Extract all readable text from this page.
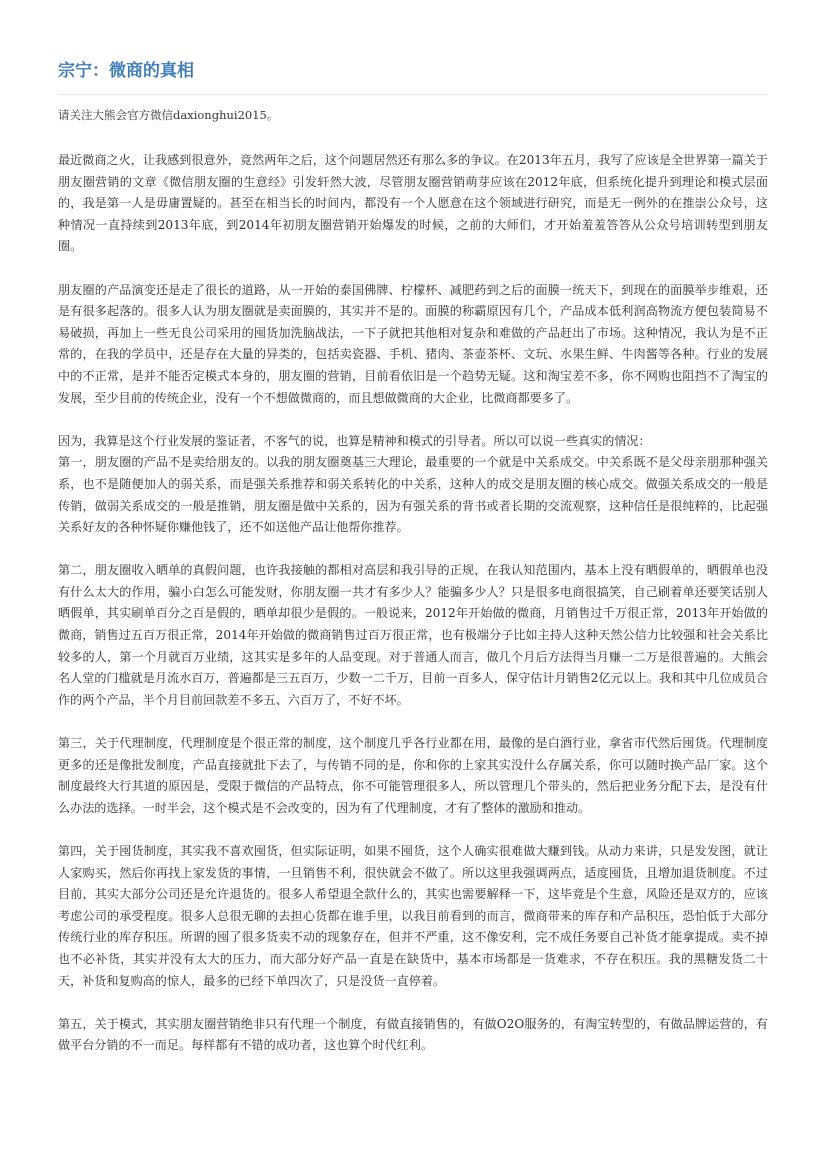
宗宁：微商的真相
请关注大熊会官方微信daxionghui2015。

最近微商之火，让我感到很意外，竟然两年之后，这个问题居然还有那么多的争议。在2013年五月，我写了应该是全世界第一篇关于朋友圈营销的文章《微信朋友圈的生意经》引发轩然大波，尽管朋友圈营销萌芽应该在2012年底，但系统化提升到理论和模式层面的，我是第一人是毋庸置疑的。甚至在相当长的时间内，都没有一个人愿意在这个领域进行研究，而是无一例外的在推崇公众号，这种情况一直持续到2013年底，到2014年初朋友圈营销开始爆发的时候，之前的大师们，才开始羞羞答答从公众号培训转型到朋友圈。

朋友圈的产品演变还是走了很长的道路，从一开始的泰国佛牌、柠檬杯、减肥药到之后的面膜一统天下，到现在的面膜举步维艰，还是有很多起落的。很多人认为朋友圈就是卖面膜的，其实并不是的。面膜的称霸原因有几个，产品成本低利润高物流方便包装简易不易破损，再加上一些无良公司采用的囤货加洗脑战法，一下子就把其他相对复杂和难做的产品赶出了市场。这种情况，我认为是不正常的，在我的学员中，还是存在大量的异类的，包括卖瓷器、手机、猪肉、茶壶茶杯、文玩、水果生鲜、牛肉酱等各种。行业的发展中的不正常，是并不能否定模式本身的，朋友圈的营销，目前看依旧是一个趋势无疑。这和淘宝差不多，你不网购也阻挡不了淘宝的发展，至少目前的传统企业，没有一个不想做微商的，而且想做微商的大企业，比微商都要多了。

因为，我算是这个行业发展的鉴证者，不客气的说，也算是精神和模式的引导者。所以可以说一些真实的情况：
第一，朋友圈的产品不是卖给朋友的。以我的朋友圈奠基三大理论，最重要的一个就是中关系成交。中关系既不是父母亲朋那种强关系，也不是随便加人的弱关系，而是强关系推荐和弱关系转化的中关系，这种人的成交是朋友圈的核心成交。做强关系成交的一般是传销，做弱关系成交的一般是推销，朋友圈是做中关系的，因为有强关系的背书或者长期的交流观察，这种信任是很纯粹的，比起强关系好友的各种怀疑你赚他钱了，还不如送他产品让他帮你推荐。

第二，朋友圈收入晒单的真假问题，也许我接触的都相对高层和我引导的正规，在我认知范围内，基本上没有晒假单的，晒假单也没有什么太大的作用，骗小白怎么可能发财，你朋友圈一共才有多少人？能骗多少人？只是很多电商很搞笑，自己刷着单还要笑话别人晒假单，其实刷单百分之百是假的，晒单却很少是假的。一般说来，2012年开始做的微商，月销售过千万很正常，2013年开始做的微商，销售过五百万很正常，2014年开始做的微商销售过百万很正常，也有极端分子比如主持人这种天然公信力比较强和社会关系比较多的人，第一个月就百万业绩，这其实是多年的人品变现。对于普通人而言，做几个月后方法得当月赚一二万是很普遍的。大熊会名人堂的门槛就是月流水百万，普遍都是三五百万，少数一二千万，目前一百多人，保守估计月销售2亿元以上。我和其中几位成员合作的两个产品，半个月目前回款差不多五、六百万了，不好不坏。

第三，关于代理制度，代理制度是个很正常的制度，这个制度几乎各行业都在用，最像的是白酒行业，拿省市代然后囤货。代理制度更多的还是像批发制度，产品直接就批下去了，与传销不同的是，你和你的上家其实没什么存属关系，你可以随时换产品厂家。这个制度最终大行其道的原因是，受限于微信的产品特点，你不可能管理很多人，所以管理几个带头的，然后把业务分配下去，是没有什么办法的选择。一时半会，这个模式是不会改变的，因为有了代理制度，才有了整体的激励和推动。

第四，关于囤货制度，其实我不喜欢囤货，但实际证明，如果不囤货，这个人确实很难做大赚到钱。从动力来讲，只是发发图，就让人家购买，然后你再找上家发货的事情，一旦销售不利，很快就会不做了。所以这里我强调两点，适度囤货，且增加退货制度。不过目前，其实大部分公司还是允许退货的。很多人希望退全款什么的，其实也需要解释一下，这毕竟是个生意，风险还是双方的，应该考虑公司的承受程度。很多人总很无聊的去担心货都在谁手里，以我目前看到的而言，微商带来的库存和产品积压，恐怕低于大部分传统行业的库存积压。所谓的囤了很多货卖不动的现象存在，但并不严重，这不像安利，完不成任务要自己补货才能拿提成。卖不掉也不必补货，其实并没有太大的压力，而大部分好产品一直是在缺货中，基本市场都是一货难求，不存在积压。我的黑糖发货二十天，补货和复购高的惊人，最多的已经下单四次了，只是没货一直停着。

第五，关于模式，其实朋友圈营销绝非只有代理一个制度，有做直接销售的，有做O2O服务的，有淘宝转型的，有做品牌运营的，有做平台分销的不一而足。每样都有不错的成功者，这也算个时代红利。
